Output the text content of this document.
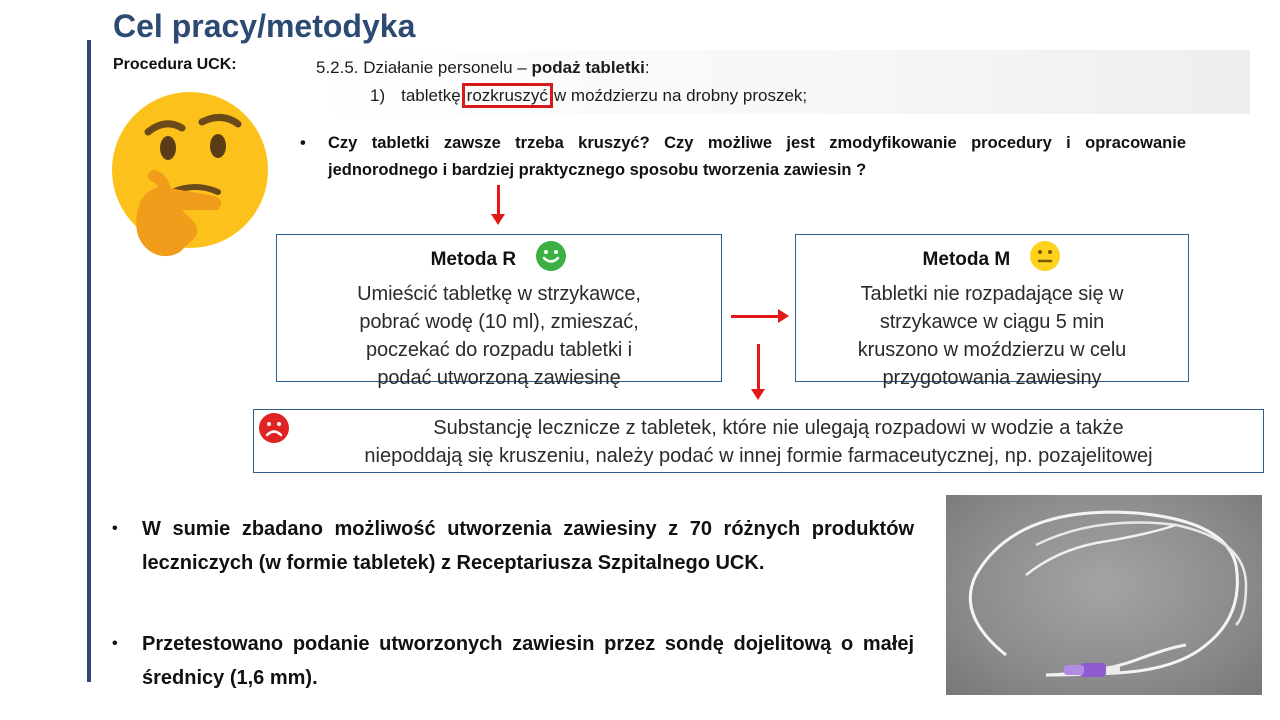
Cel pracy/metodyka
Procedura UCK:	5.2.5. Działanie personelu – podaż tabletki:
1) tabletkę rozkruszyć w moździerzu na drobny proszek;
• Czy tabletki zawsze trzeba kruszyć? Czy możliwe jest zmodyfikowanie procedury i opracowanie jednorodnego i bardziej praktycznego sposobu tworzenia zawiesin ?
Metoda R
Umieścić tabletkę w strzykawce,
pobrać wodę (10 ml), zmieszać,
poczekać do rozpadu tabletki i
podać utworzoną zawiesinę
Metoda M
Tabletki nie rozpadające się w
strzykawce w ciągu 5 min
kruszono w moździerzu w celu
przygotowania zawiesiny
Substancję lecznicze z tabletek, które nie ulegają rozpadowi w wodzie a także
niepoddają się kruszeniu, należy podać w innej formie farmaceutycznej, np. pozajelitowej
• W sumie zbadano możliwość utworzenia zawiesiny z 70 różnych produktów leczniczych (w formie tabletek) z Receptariusza Szpitalnego UCK.
• Przetestowano podanie utworzonych zawiesin przez sondę dojelitową o małej średnicy (1,6 mm).
